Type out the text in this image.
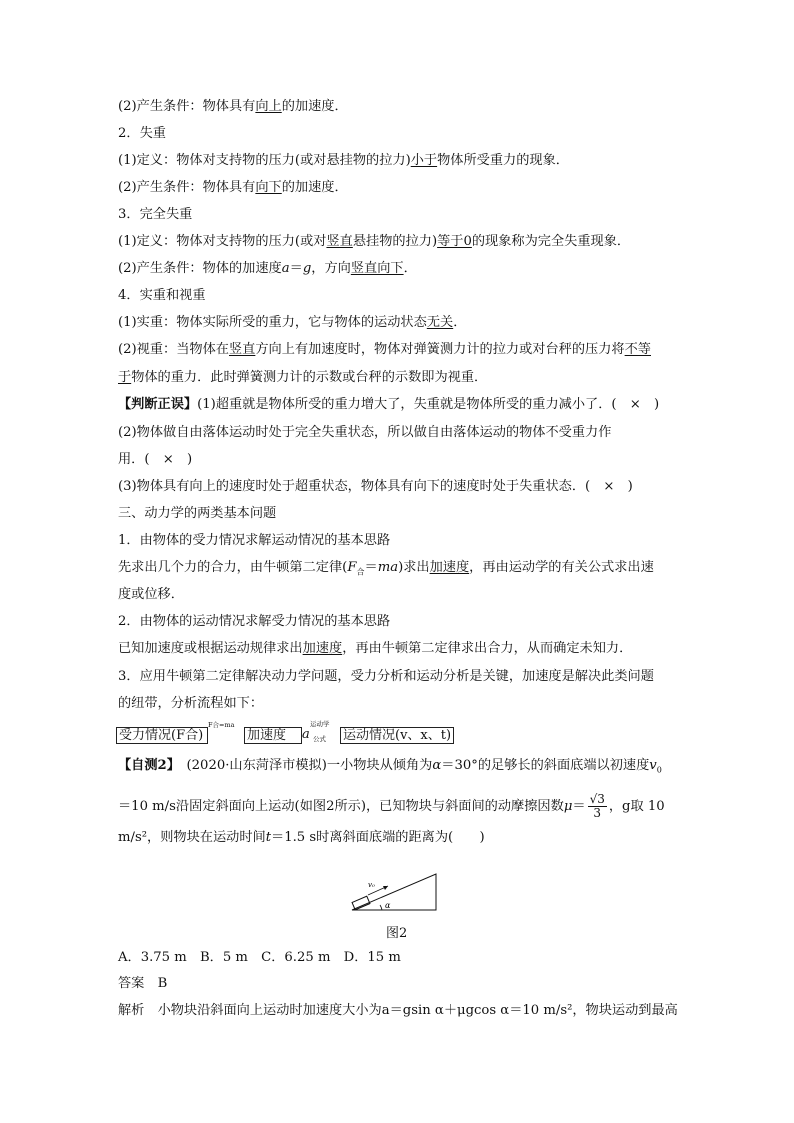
(2)产生条件：物体具有向上的加速度．
2．失重
(1)定义：物体对支持物的压力(或对悬挂物的拉力)小于物体所受重力的现象．
(2)产生条件：物体具有向下的加速度．
3．完全失重
(1)定义：物体对支持物的压力(或对竖直悬挂物的拉力)等于0的现象称为完全失重现象．
(2)产生条件：物体的加速度a＝g，方向竖直向下．
4．实重和视重
(1)实重：物体实际所受的重力，它与物体的运动状态无关．
(2)视重：当物体在竖直方向上有加速度时，物体对弹簧测力计的拉力或对台秤的压力将不等
于物体的重力．此时弹簧测力计的示数或台秤的示数即为视重．
【判断正误】(1)超重就是物体所受的重力增大了，失重就是物体所受的重力减小了．(　×　)
(2)物体做自由落体运动时处于完全失重状态，所以做自由落体运动的物体不受重力作
用．(　×　)
(3)物体具有向上的速度时处于超重状态，物体具有向下的速度时处于失重状态．(　×　)
三、动力学的两类基本问题
1．由物体的受力情况求解运动情况的基本思路
先求出几个力的合力，由牛顿第二定律$(F_合=ma)$求出加速度，再由运动学的有关公式求出速
度或位移．
2．由物体的运动情况求解受力情况的基本思路
已知加速度或根据运动规律求出加速度，再由牛顿第二定律求出合力，从而确定未知力．
3．应用牛顿第二定律解决动力学问题，受力分析和运动分析是关键，加速度是解决此类问题
的纽带，分析流程如下：
受力情况(F合)
F合=ma
加速度	a
运动学
公式 运动情况(v、x、t)
【自测2】　 (2020·山东菏泽市模拟)一小物块从倾角为α＝30°的足够长的斜面底端以初速度$v_0$
＝10 m/s沿固定斜面向上运动(如图2所示)，已知物块与斜面间的动摩擦因数$\mu= \frac{√3}{3}$ ，g取 10
m/s²，则物块在运动时间t＝1.5 s时离斜面底端的距离为(　　)
v₀
α
图2
A．3.75 m　B．5 m　C．6.25 m　D．15 m
答案　 B
解析　 小物块沿斜面向上运动时加速度大小为a＝gsin α＋μgcos α＝10 m/s²，物块运动到最高
